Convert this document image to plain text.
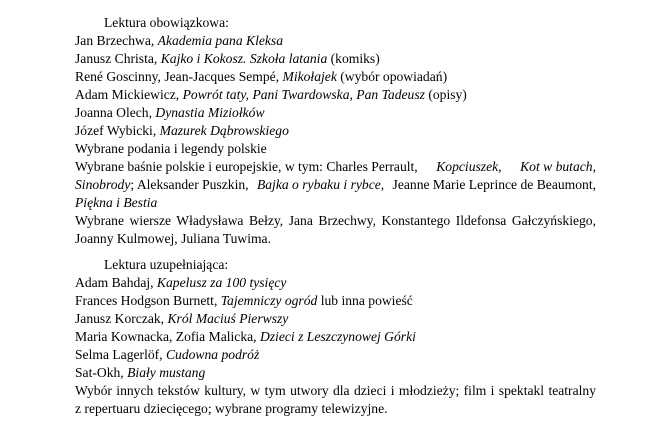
Lektura obowiązkowa:
Jan Brzechwa, Akademia pana Kleksa
Janusz Christa, Kajko i Kokosz. Szkoła latania (komiks)
René Goscinny, Jean-Jacques Sempé, Mikołajek (wybór opowiadań)
Adam Mickiewicz, Powrót taty, Pani Twardowska, Pan Tadeusz (opisy)
Joanna Olech, Dynastia Miziołków
Józef Wybicki, Mazurek Dąbrowskiego
Wybrane podania i legendy polskie
Wybrane baśnie polskie i europejskie, w tym: Charles Perrault, Kopciuszek, Kot w butach,
Sinobrody; Aleksander Puszkin, Bajka o rybaku i rybce, Jeanne Marie Leprince de Beaumont,
Piękna i Bestia
Wybrane wiersze Władysława Bełzy, Jana Brzechwy, Konstantego Ildefonsa Gałczyńskiego,
Joanny Kulmowej, Juliana Tuwima.
Lektura uzupełniająca:
Adam Bahdaj, Kapelusz za 100 tysięcy
Frances Hodgson Burnett, Tajemniczy ogród lub inna powieść
Janusz Korczak, Król Maciuś Pierwszy
Maria Kownacka, Zofia Malicka, Dzieci z Leszczynowej Górki
Selma Lagerlöf, Cudowna podróż
Sat-Okh, Biały mustang
Wybór innych tekstów kultury, w tym utwory dla dzieci i młodzieży; film i spektakl teatralny
z repertuaru dziecięcego; wybrane programy telewizyjne.
